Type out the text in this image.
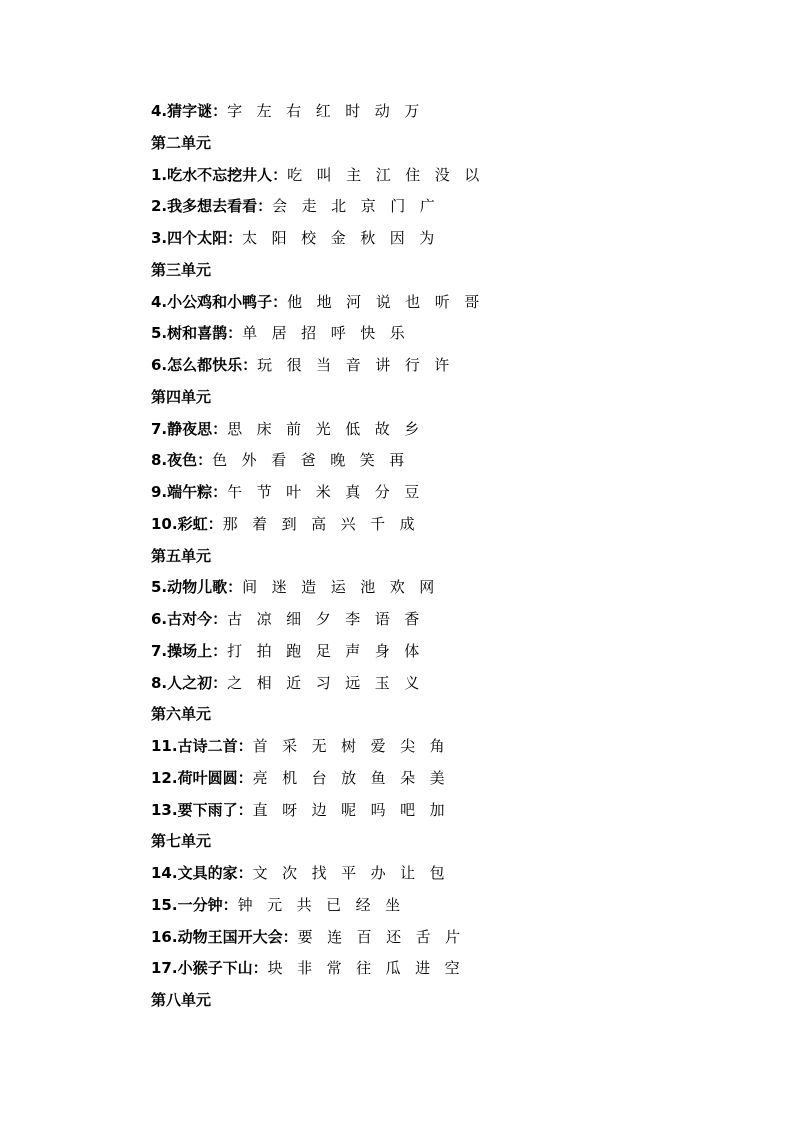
4.猜字谜：字 左 右 红 时 动 万
第二单元
1.吃水不忘挖井人：吃 叫 主 江 住 没 以
2.我多想去看看：会 走 北 京 门 广
3.四个太阳：太 阳 校 金 秋 因 为
第三单元
4.小公鸡和小鸭子：他 地 河 说 也 听 哥
5.树和喜鹊：单 居 招 呼 快 乐
6.怎么都快乐：玩 很 当 音 讲 行 许
第四单元
7.静夜思：思 床 前 光 低 故 乡
8.夜色：色 外 看 爸 晚 笑 再
9.端午粽：午 节 叶 米 真 分 豆
10.彩虹：那 着 到 高 兴 千 成
第五单元
5.动物儿歌：间 迷 造 运 池 欢 网
6.古对今：古 凉 细 夕 李 语 香
7.操场上：打 拍 跑 足 声 身 体
8.人之初：之 相 近 习 远 玉 义
第六单元
11.古诗二首：首 采 无 树 爱 尖 角
12.荷叶圆圆：亮 机 台 放 鱼 朵 美
13.要下雨了：直 呀 边 呢 吗 吧 加
第七单元
14.文具的家：文 次 找 平 办 让 包
15.一分钟：钟 元 共 已 经 坐
16.动物王国开大会：要 连 百 还 舌 片
17.小猴子下山：块 非 常 往 瓜 进 空
第八单元
